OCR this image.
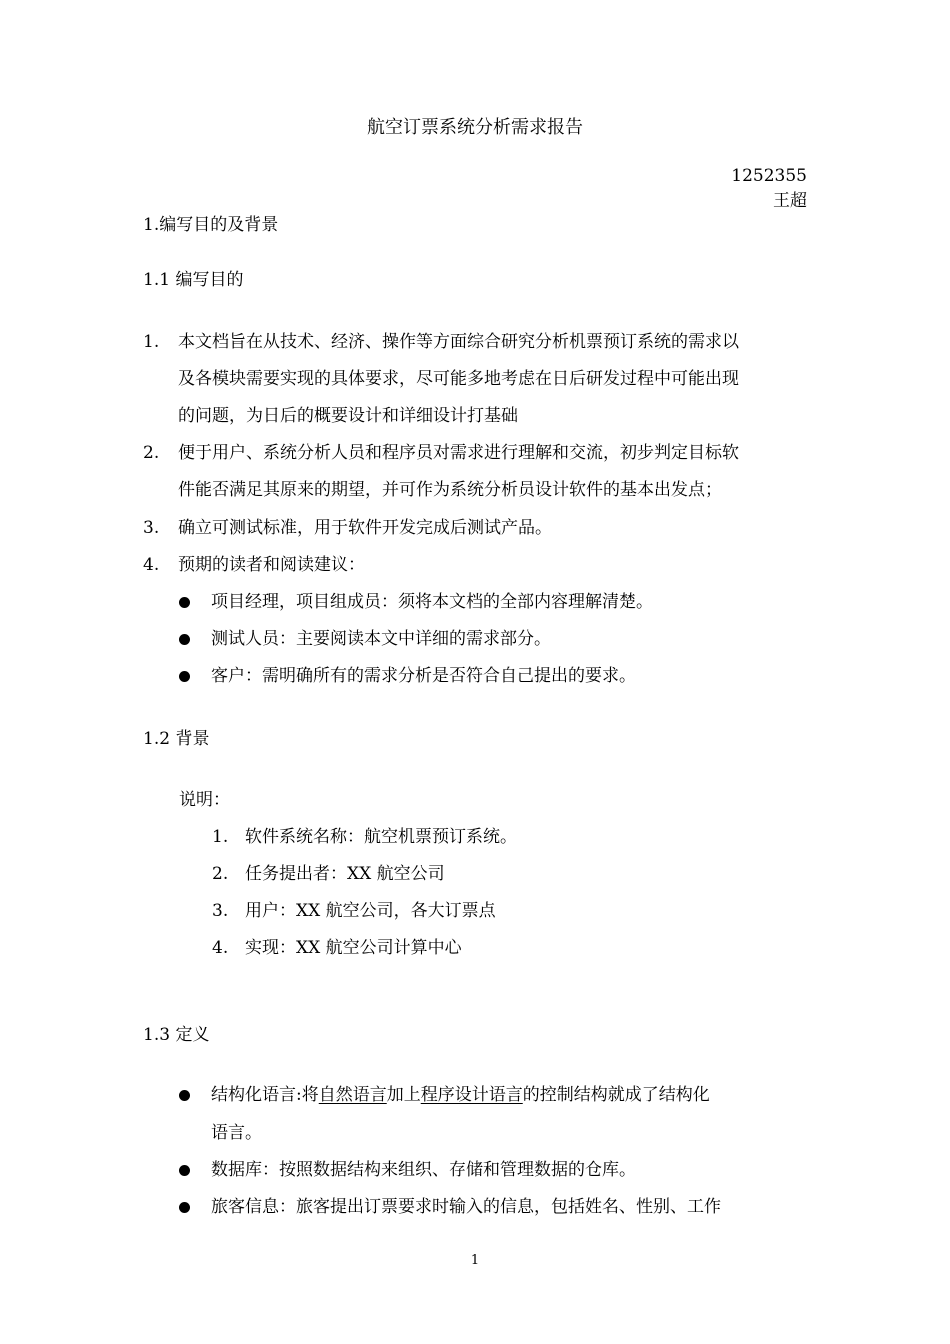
航空订票系统分析需求报告
1252355
王超
1.编写目的及背景
1.1 编写目的
1. 本文档旨在从技术、经济、操作等方面综合研究分析机票预订系统的需求以
及各模块需要实现的具体要求，尽可能多地考虑在日后研发过程中可能出现
的问题，为日后的概要设计和详细设计打基础
2. 便于用户、系统分析人员和程序员对需求进行理解和交流，初步判定目标软
件能否满足其原来的期望，并可作为系统分析员设计软件的基本出发点；
3. 确立可测试标准，用于软件开发完成后测试产品。
4. 预期的读者和阅读建议：
项目经理，项目组成员：须将本文档的全部内容理解清楚。
测试人员：主要阅读本文中详细的需求部分。
客户：需明确所有的需求分析是否符合自己提出的要求。
1.2 背景
说明：
1. 软件系统名称：航空机票预订系统。
2. 任务提出者：XX 航空公司
3. 用户：XX 航空公司，各大订票点
4. 实现：XX 航空公司计算中心
1.3 定义
结构化语言:将自然语言加上程序设计语言的控制结构就成了结构化
语言。
数据库：按照数据结构来组织、存储和管理数据的仓库。
旅客信息：旅客提出订票要求时输入的信息，包括姓名、性别、工作
1
